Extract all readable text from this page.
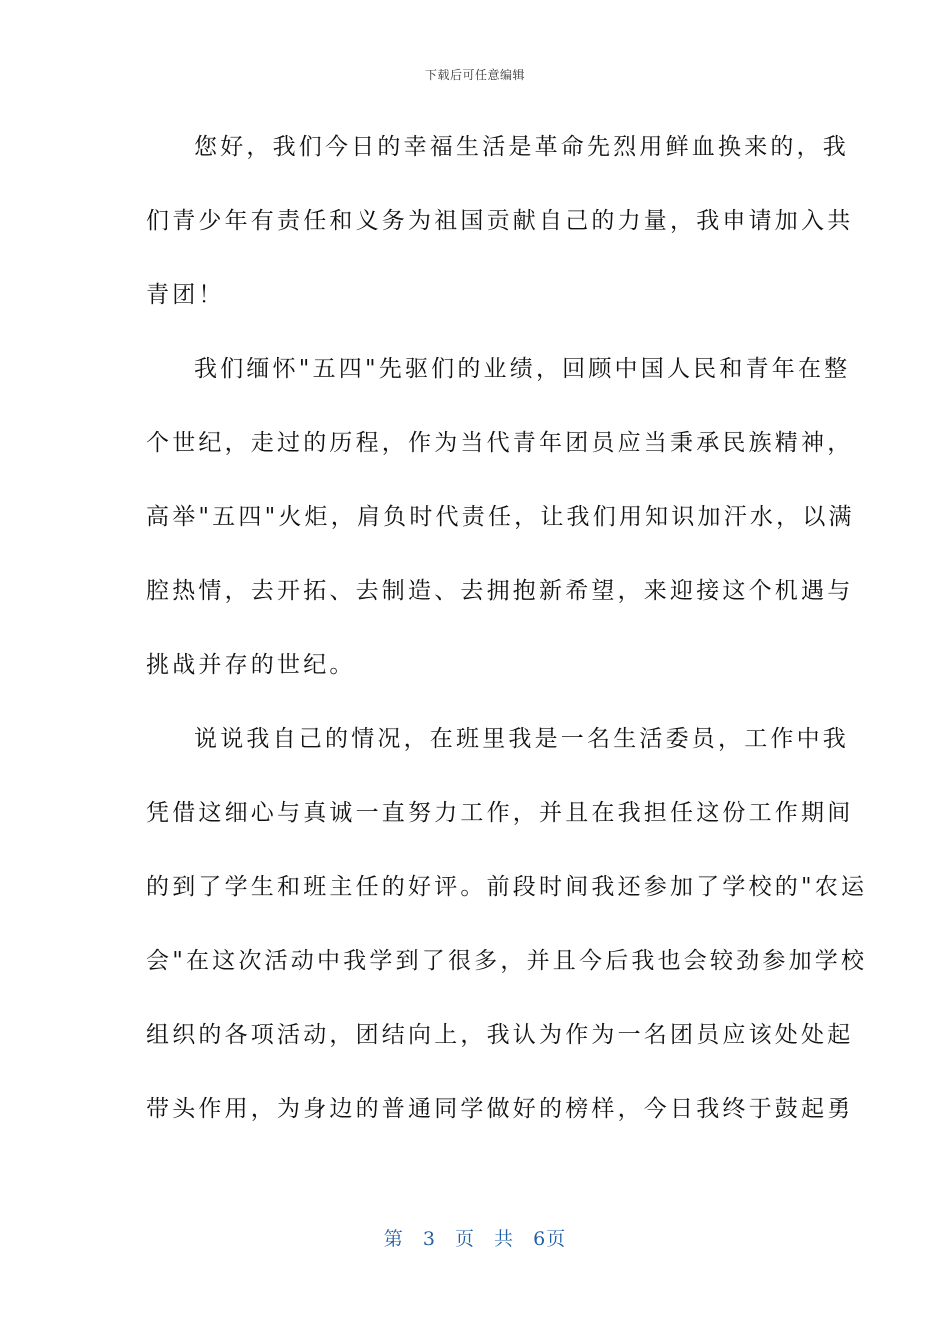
下载后可任意编辑
您好，我们今日的幸福生活是革命先烈用鲜血换来的，我
们青少年有责任和义务为祖国贡献自己的力量，我申请加入共
青团！
我们缅怀"五四"先驱们的业绩，回顾中国人民和青年在整
个世纪，走过的历程，作为当代青年团员应当秉承民族精神，
高举"五四"火炬，肩负时代责任，让我们用知识加汗水，以满
腔热情，去开拓、去制造、去拥抱新希望，来迎接这个机遇与
挑战并存的世纪。
说说我自己的情况，在班里我是一名生活委员，工作中我
凭借这细心与真诚一直努力工作，并且在我担任这份工作期间
的到了学生和班主任的好评。前段时间我还参加了学校的"农运
会"在这次活动中我学到了很多，并且今后我也会较劲参加学校
组织的各项活动，团结向上，我认为作为一名团员应该处处起
带头作用，为身边的普通同学做好的榜样，今日我终于鼓起勇
第 3 页 共 6页
